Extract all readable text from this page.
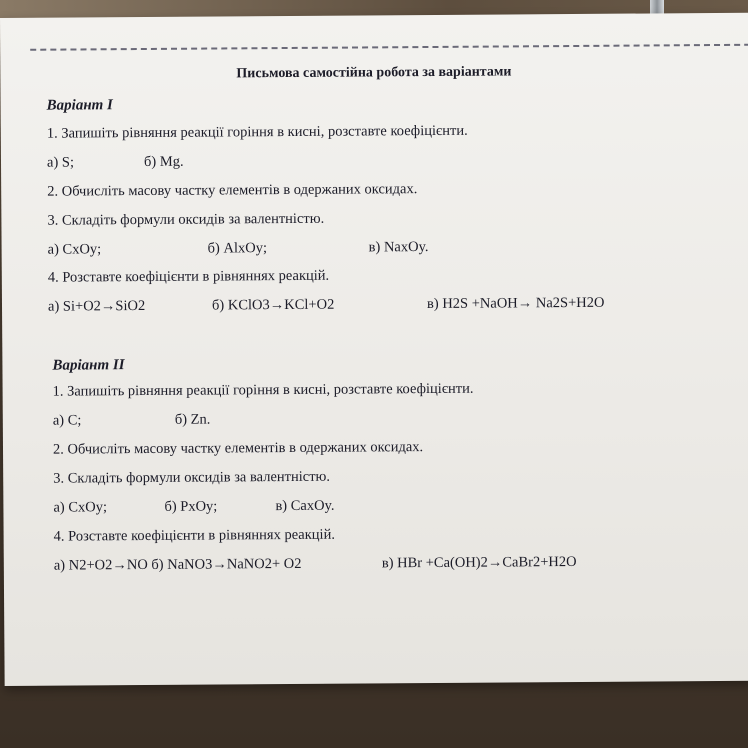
Письмова самостійна робота за варіантами
Варіант I
1. Запишіть рівняння реакції горіння в кисні, розставте коефіцієнти.
а) S;	б) Mg.
2. Обчисліть масову частку елементів в одержаних оксидах.
3. Складіть формули оксидів за валентністю.
а) CxOy;	б) AlxOy;	в) NaxOy.
4. Розставте коефіцієнти в рівняннях реакцій.
а) Si+O2→SiO2	б) KClO3→KCl+O2	в) H2S +NaOH→ Na2S+H2O
Варіант II
1. Запишіть рівняння реакції горіння в кисні, розставте коефіцієнти.
а) C;	б) Zn.
2. Обчисліть масову частку елементів в одержаних оксидах.
3. Складіть формули оксидів за валентністю.
а) CxOy;	б) PxOy;	в) CaxOy.
4. Розставте коефіцієнти в рівняннях реакцій.
а) N2+O2→NO б) NaNO3→NaNO2+ O2	в) HBr +Ca(OH)2→CaBr2+H2O
